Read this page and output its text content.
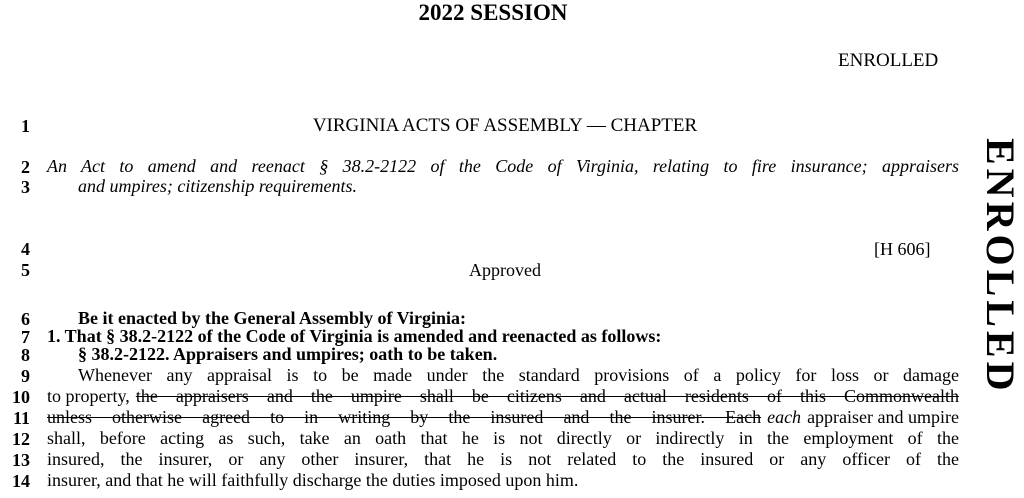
2022 SESSION
ENROLLED
ENROLLED
1
2
3
4
5
6
7
8
9
10
11
12
13
14
VIRGINIA ACTS OF ASSEMBLY — CHAPTER
An Act to amend and reenact § 38.2-2122 of the Code of Virginia, relating to fire insurance; appraisers
and umpires; citizenship requirements.
[H 606]
Approved
Be it enacted by the General Assembly of Virginia:
1. That § 38.2-2122 of the Code of Virginia is amended and reenacted as follows:
§ 38.2-2122. Appraisers and umpires; oath to be taken.
Whenever any appraisal is to be made under the standard provisions of a policy for loss or damage
to property, the appraisers and the umpire shall be citizens and actual residents of this Commonwealth
unless otherwise agreed to in writing by the insured and the insurer. Each each appraiser and umpire
shall, before acting as such, take an oath that he is not directly or indirectly in the employment of the
insured, the insurer, or any other insurer, that he is not related to the insured or any officer of the
insurer, and that he will faithfully discharge the duties imposed upon him.
